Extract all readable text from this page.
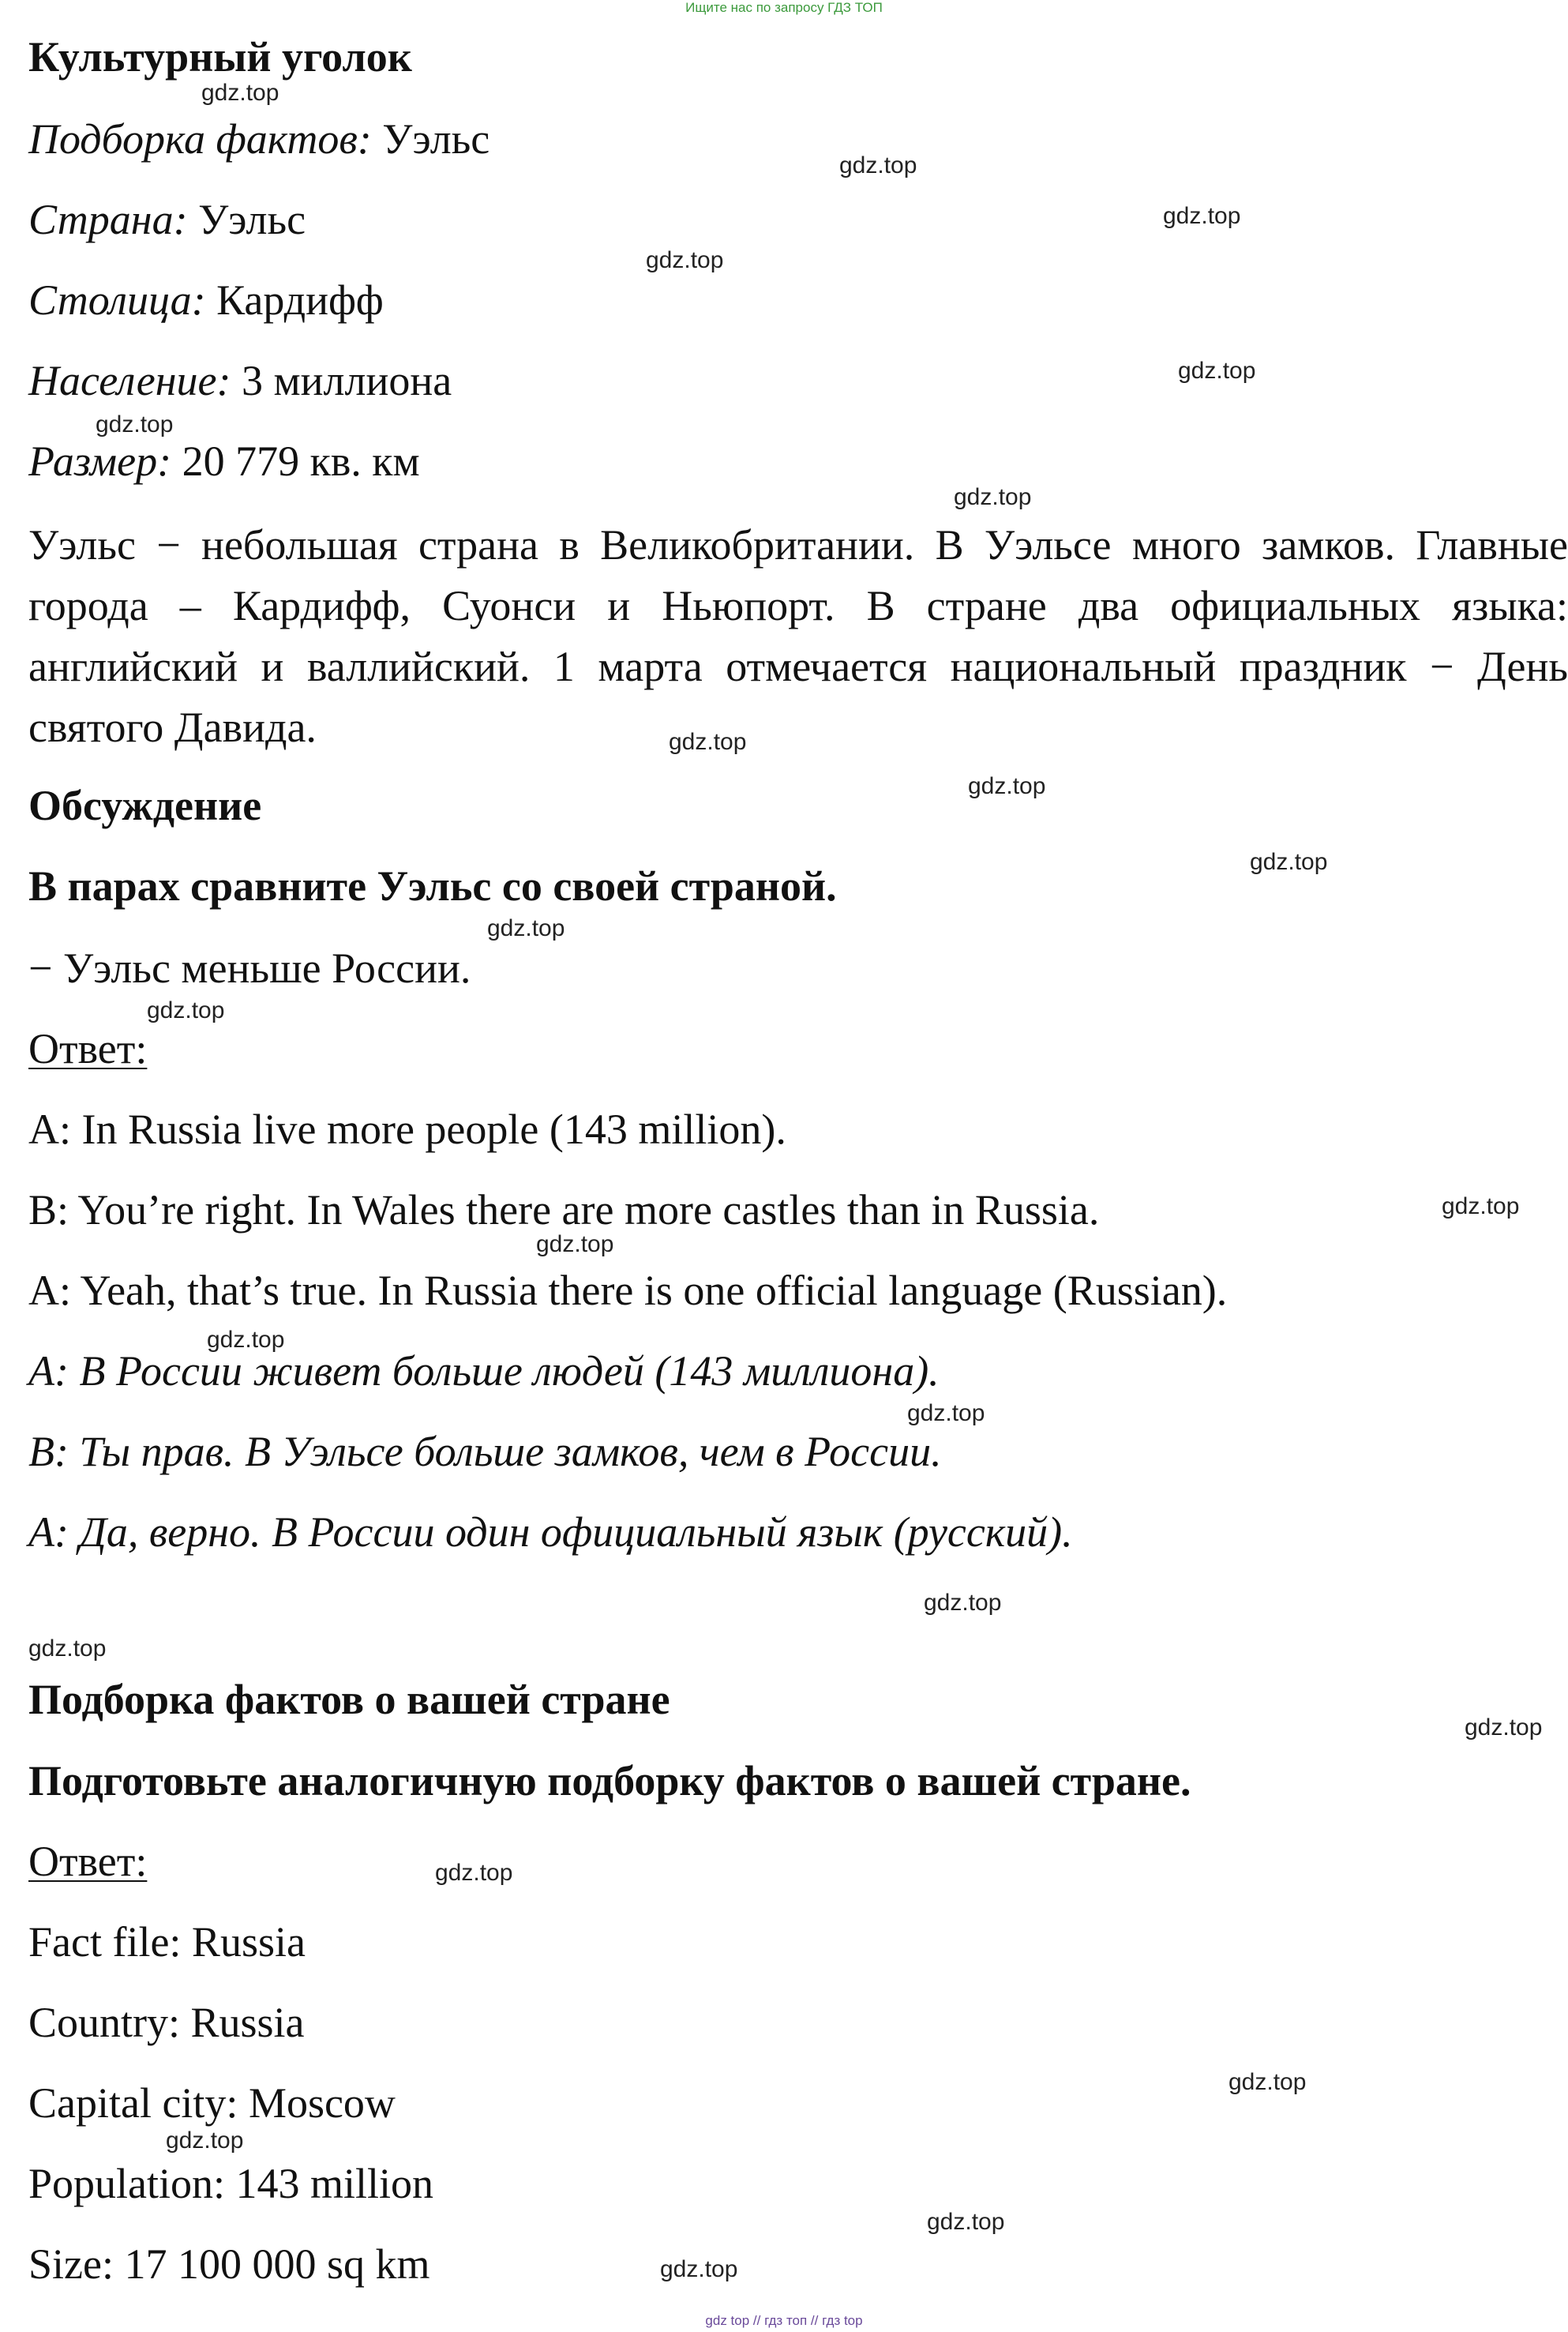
Ищите нас по запросу ГДЗ ТОП
Культурный уголок
Подборка фактов: Уэльс
Страна: Уэльс
Столица: Кардифф
Население: 3 миллиона
Размер: 20 779 кв. км
Уэльс − небольшая страна в Великобритании. В Уэльсе много замков. Главные города – Кардифф, Суонси и Ньюпорт. В стране два официальных языка: английский и валлийский. 1 марта отмечается национальный праздник − День святого Давида.
Обсуждение
В парах сравните Уэльс со своей страной.
− Уэльс меньше России.
Ответ:
A: In Russia live more people (143 million).
B: You’re right. In Wales there are more castles than in Russia.
A: Yeah, that’s true. In Russia there is one official language (Russian).
A: В России живет больше людей (143 миллиона).
B: Ты прав. В Уэльсе больше замков, чем в России.
A: Да, верно. В России один официальный язык (русский).
Подборка фактов о вашей стране
Подготовьте аналогичную подборку фактов о вашей стране.
Ответ:
Fact file: Russia
Country: Russia
Capital city: Moscow
Population: 143 million
Size: 17 100 000 sq km
gdz.top
gdz.top
gdz.top
gdz.top
gdz.top
gdz.top
gdz.top
gdz.top
gdz.top
gdz.top
gdz.top
gdz.top
gdz.top
gdz.top
gdz.top
gdz.top
gdz.top
gdz.top
gdz.top
gdz.top
gdz.top
gdz.top
gdz.top
gdz.top
gdz top // гдз топ // гдз top
